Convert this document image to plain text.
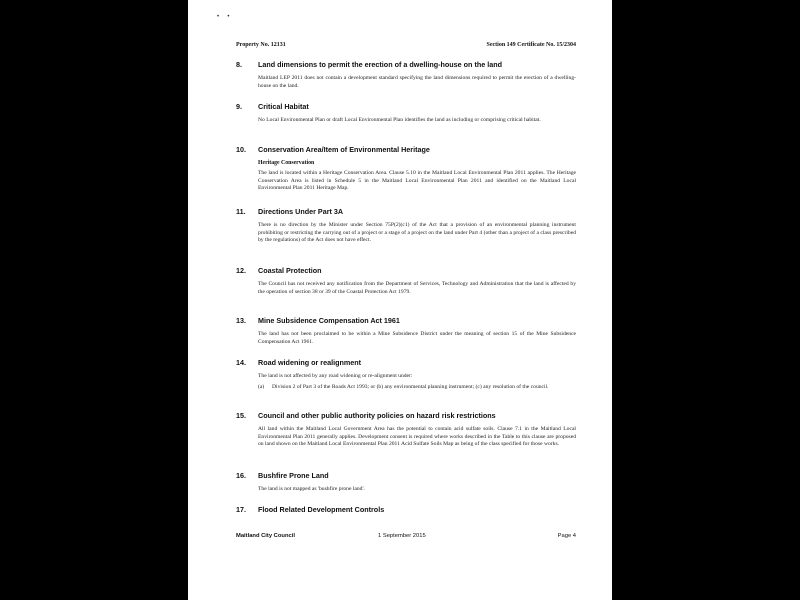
•     •
Property No. 12131	Section 149 Certificate No. 15/2304
8.	Land dimensions to permit the erection of a dwelling-house on the land

Maitland LEP 2011 does not contain a development standard specifying the land dimensions required to permit the erection of a dwelling-house on the land.

9.	Critical Habitat

No Local Environmental Plan or draft Local Environmental Plan identifies the land as including or comprising critical habitat.

10.	Conservation Area/Item of Environmental Heritage
Heritage Conservation

The land is located within a Heritage Conservation Area. Clause 5.10 in the Maitland Local Environmental Plan 2011 applies. The Heritage Conservation Area is listed in Schedule 5 in the Maitland Local Environmental Plan 2011 and identified on the Maitland Local Environmental Plan 2011 Heritage Map.

11.	Directions Under Part 3A

There is no direction by the Minister under Section 75P(2)(c1) of the Act that a provision of an environmental planning instrument prohibiting or restricting the carrying out of a project or a stage of a project on the land under Part 4 (other than a project of a class prescribed by the regulations) of the Act does not have effect.

12.	Coastal Protection

The Council has not received any notification from the Department of Services, Technology and Administration that the land is affected by the operation of section 38 or 39 of the Coastal Protection Act 1979.

13.	Mine Subsidence Compensation Act 1961

The land has not been proclaimed to be within a Mine Subsidence District under the meaning of section 15 of the Mine Subsidence Compensation Act 1961.

14.	Road widening or realignment

The land is not affected by any road widening or re-alignment under:

(a)	Division 2 of Part 3 of the Roads Act 1993; or (b) any environmental planning instrument; (c) any resolution of the council.
15.	Council and other public authority policies on hazard risk restrictions

All land within the Maitland Local Government Area has the potential to contain acid sulfate soils. Clause 7.1 in the Maitland Local Environmental Plan 2011 generally applies. Development consent is required where works described in the Table to this clause are proposed on land shown on the Maitland Local Environmental Plan 2011 Acid Sulfate Soils Map as being of the class specified for those works.

16.	Bushfire Prone Land

The land is not mapped as 'bushfire prone land'.

17.	Flood Related Development Controls
Maitland City Council	1 September 2015	Page 4
